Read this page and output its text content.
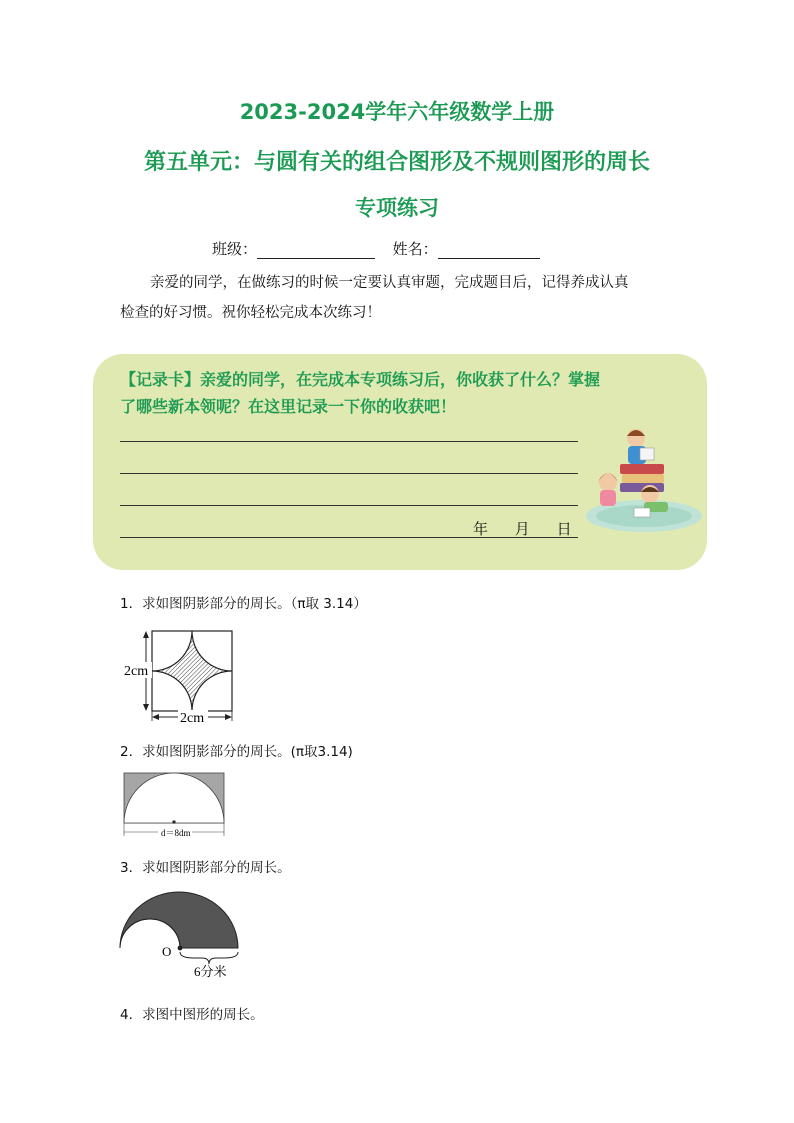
2023-2024学年六年级数学上册
第五单元：与圆有关的组合图形及不规则图形的周长
专项练习
班级：	姓名：
亲爱的同学，在做练习的时候一定要认真审题，完成题目后，记得养成认真
检查的好习惯。祝你轻松完成本次练习！
【记录卡】亲爱的同学，在完成本专项练习后，你收获了什么？掌握
了哪些新本领呢？在这里记录一下你的收获吧！
年 月 日
1．求如图阴影部分的周长。（π取 3.14）
2cm
2cm
2．求如图阴影部分的周长。(π取3.14)
d＝8dm
3．求如图阴影部分的周长。
O
6分米
4．求图中图形的周长。
